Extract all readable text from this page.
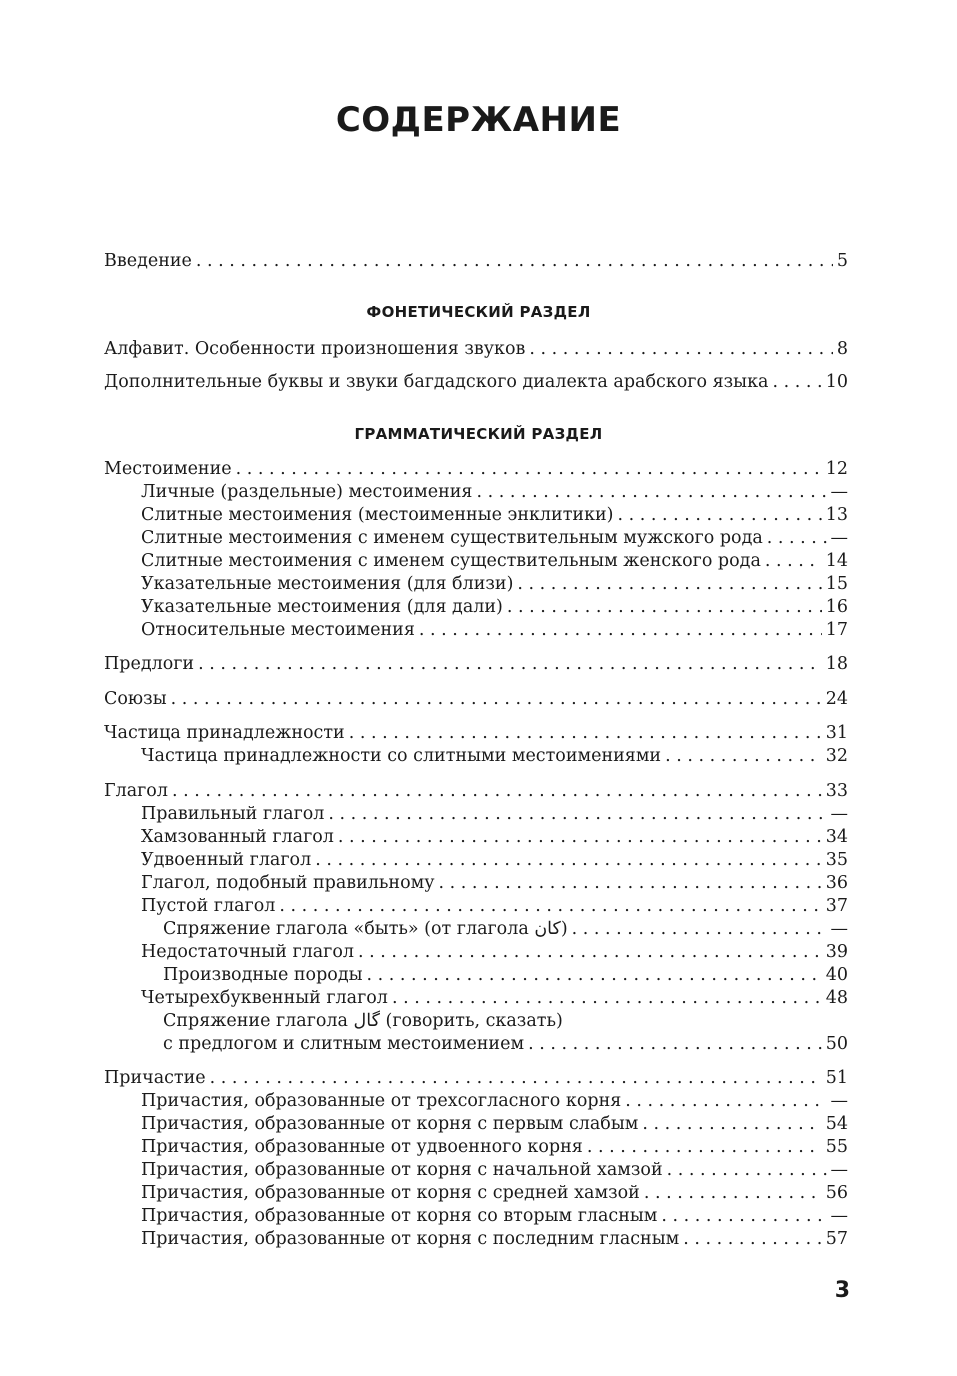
СОДЕРЖАНИЕ
Введение . . .	5
ФОНЕТИЧЕСКИЙ РАЗДЕЛ
Алфавит. Особенности произношения звуков . . .	8
Дополнительные буквы и звуки багдадского диалекта арабского языка . . .	10
ГРАММАТИЧЕСКИЙ РАЗДЕЛ
Местоимение . . .	12
Личные (раздельные) местоимения . . .	—
Слитные местоимения (местоименные энклитики) . . .	13
Слитные местоимения с именем существительным мужского рода . . .	—
Слитные местоимения с именем существительным женского рода . . .	14
Указательные местоимения (для близи) . . .	15
Указательные местоимения (для дали) . . .	16
Относительные местоимения . . .	17
Предлоги . . .	18
Союзы . . .	24
Частица принадлежности . . .	31
Частица принадлежности со слитными местоимениями . . .	32
Глагол . . .	33
Правильный глагол . . .	—
Хамзованный глагол . . .	34
Удвоенный глагол . . .	35
Глагол, подобный правильному . . .	36
Пустой глагол . . .	37
Спряжение глагола «быть» (от глагола كان) . . .	—
Недостаточный глагол . . .	39
Производные породы . . .	40
Четырехбуквенный глагол . . .	48
Спряжение глагола گال (говорить, сказать)
с предлогом и слитным местоимением . . .	50
Причастие . . .	51
Причастия, образованные от трехсогласного корня . . .	—
Причастия, образованные от корня с первым слабым . . .	54
Причастия, образованные от удвоенного корня . . .	55
Причастия, образованные от корня с начальной хамзой . . .	—
Причастия, образованные от корня с средней хамзой . . .	56
Причастия, образованные от корня со вторым гласным . . .	—
Причастия, образованные от корня с последним гласным . . .	57
3
